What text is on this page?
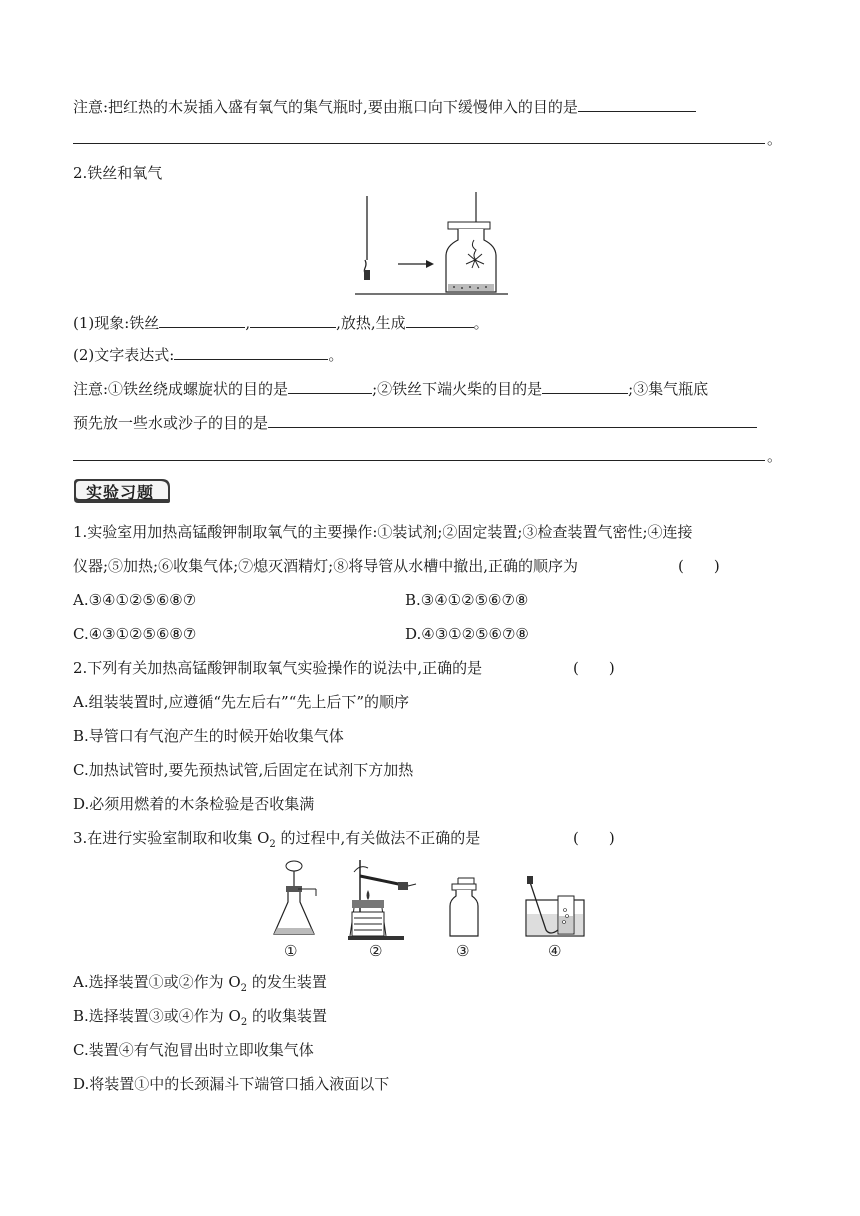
注意:把红热的木炭插入盛有氧气的集气瓶时,要由瓶口向下缓慢伸入的目的是
。
2.铁丝和氧气
(1)现象:铁丝	,	,放热,生成	。
(2)文字表达式:	。
注意:①铁丝绕成螺旋状的目的是	;②铁丝下端火柴的目的是	;③集气瓶底
预先放一些水或沙子的目的是
。
实验习题
1.实验室用加热高锰酸钾制取氧气的主要操作:①装试剂;②固定装置;③检查装置气密性;④连接
仪器;⑤加热;⑥收集气体;⑦熄灭酒精灯;⑧将导管从水槽中撤出,正确的顺序为	(　　)
A.③④①②⑤⑥⑧⑦	B.③④①②⑤⑥⑦⑧
C.④③①②⑤⑥⑧⑦	D.④③①②⑤⑥⑦⑧
2.下列有关加热高锰酸钾制取氧气实验操作的说法中,正确的是	(　　)
A.组装装置时,应遵循“先左后右”“先上后下”的顺序
B.导管口有气泡产生的时候开始收集气体
C.加热试管时,要先预热试管,后固定在试剂下方加热
D.必须用燃着的木条检验是否收集满
3.在进行实验室制取和收集 $O_2$ 的过程中,有关做法不正确的是	(　　)
①	②	③	④
A.选择装置①或②作为 $O_2$ 的发生装置
B.选择装置③或④作为 $O_2$ 的收集装置
C.装置④有气泡冒出时立即收集气体
D.将装置①中的长颈漏斗下端管口插入液面以下
